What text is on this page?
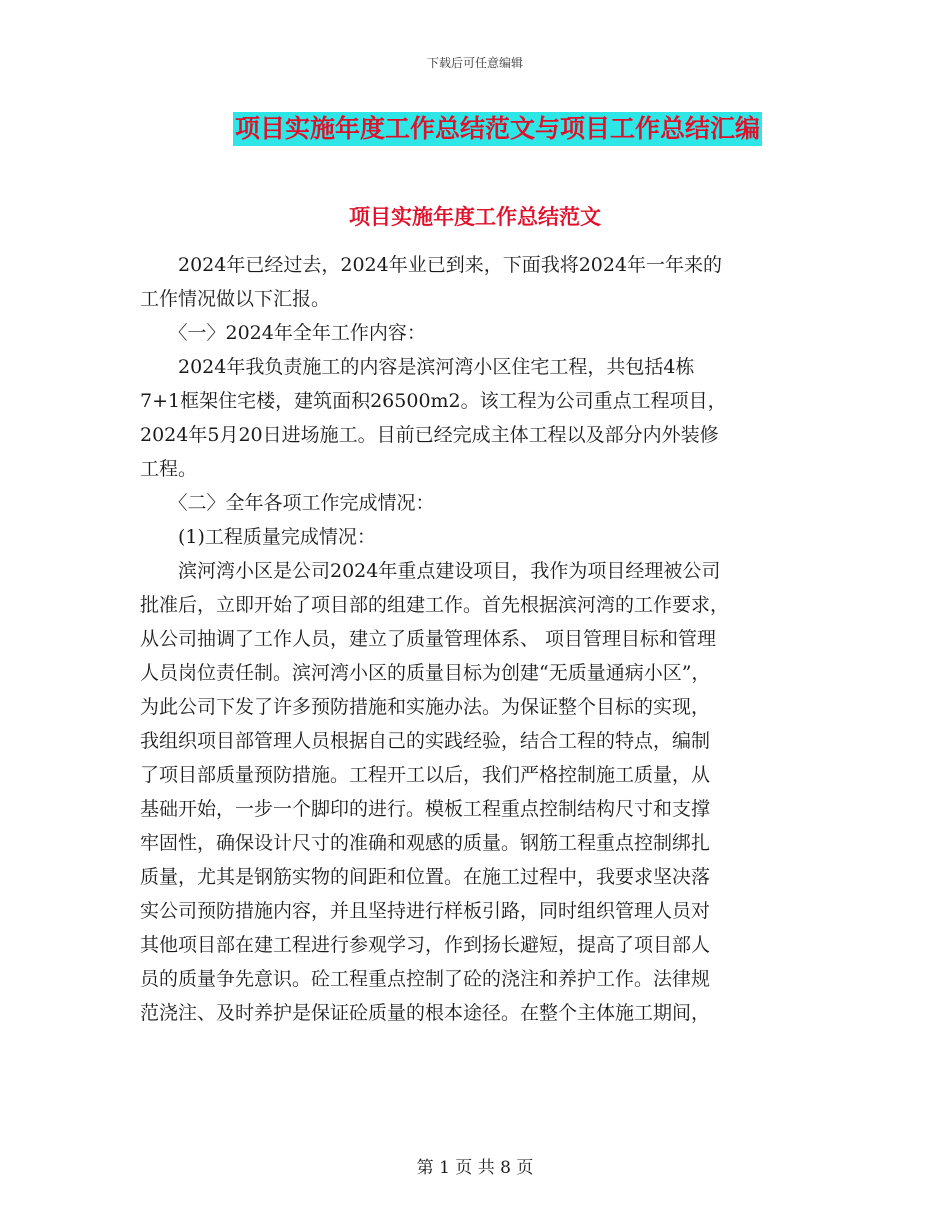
下载后可任意编辑
项目实施年度工作总结范文与项目工作总结汇编
项目实施年度工作总结范文

　　2024年已经过去，2024年业已到来，下面我将2024年一年来的

工作情况做以下汇报。

　　〈一〉2024年全年工作内容：

　　2024年我负责施工的内容是滨河湾小区住宅工程，共包括4栋

7+1框架住宅楼，建筑面积26500m2。该工程为公司重点工程项目，

2024年5月20日进场施工。目前已经完成主体工程以及部分内外装修

工程。

　　〈二〉全年各项工作完成情况：

　　(1)工程质量完成情况：

　　滨河湾小区是公司2024年重点建设项目，我作为项目经理被公司

批准后，立即开始了项目部的组建工作。首先根据滨河湾的工作要求，

从公司抽调了工作人员，建立了质量管理体系、 项目管理目标和管理

人员岗位责任制。滨河湾小区的质量目标为创建“无质量通病小区”，

为此公司下发了许多预防措施和实施办法。为保证整个目标的实现，

我组织项目部管理人员根据自己的实践经验，结合工程的特点，编制

了项目部质量预防措施。工程开工以后，我们严格控制施工质量，从

基础开始，一步一个脚印的进行。模板工程重点控制结构尺寸和支撑

牢固性，确保设计尺寸的准确和观感的质量。钢筋工程重点控制绑扎

质量，尤其是钢筋实物的间距和位置。在施工过程中，我要求坚决落

实公司预防措施内容，并且坚持进行样板引路，同时组织管理人员对

其他项目部在建工程进行参观学习，作到扬长避短，提高了项目部人

员的质量争先意识。砼工程重点控制了砼的浇注和养护工作。法律规

范浇注、及时养护是保证砼质量的根本途径。在整个主体施工期间，

第 1 页 共 8 页
